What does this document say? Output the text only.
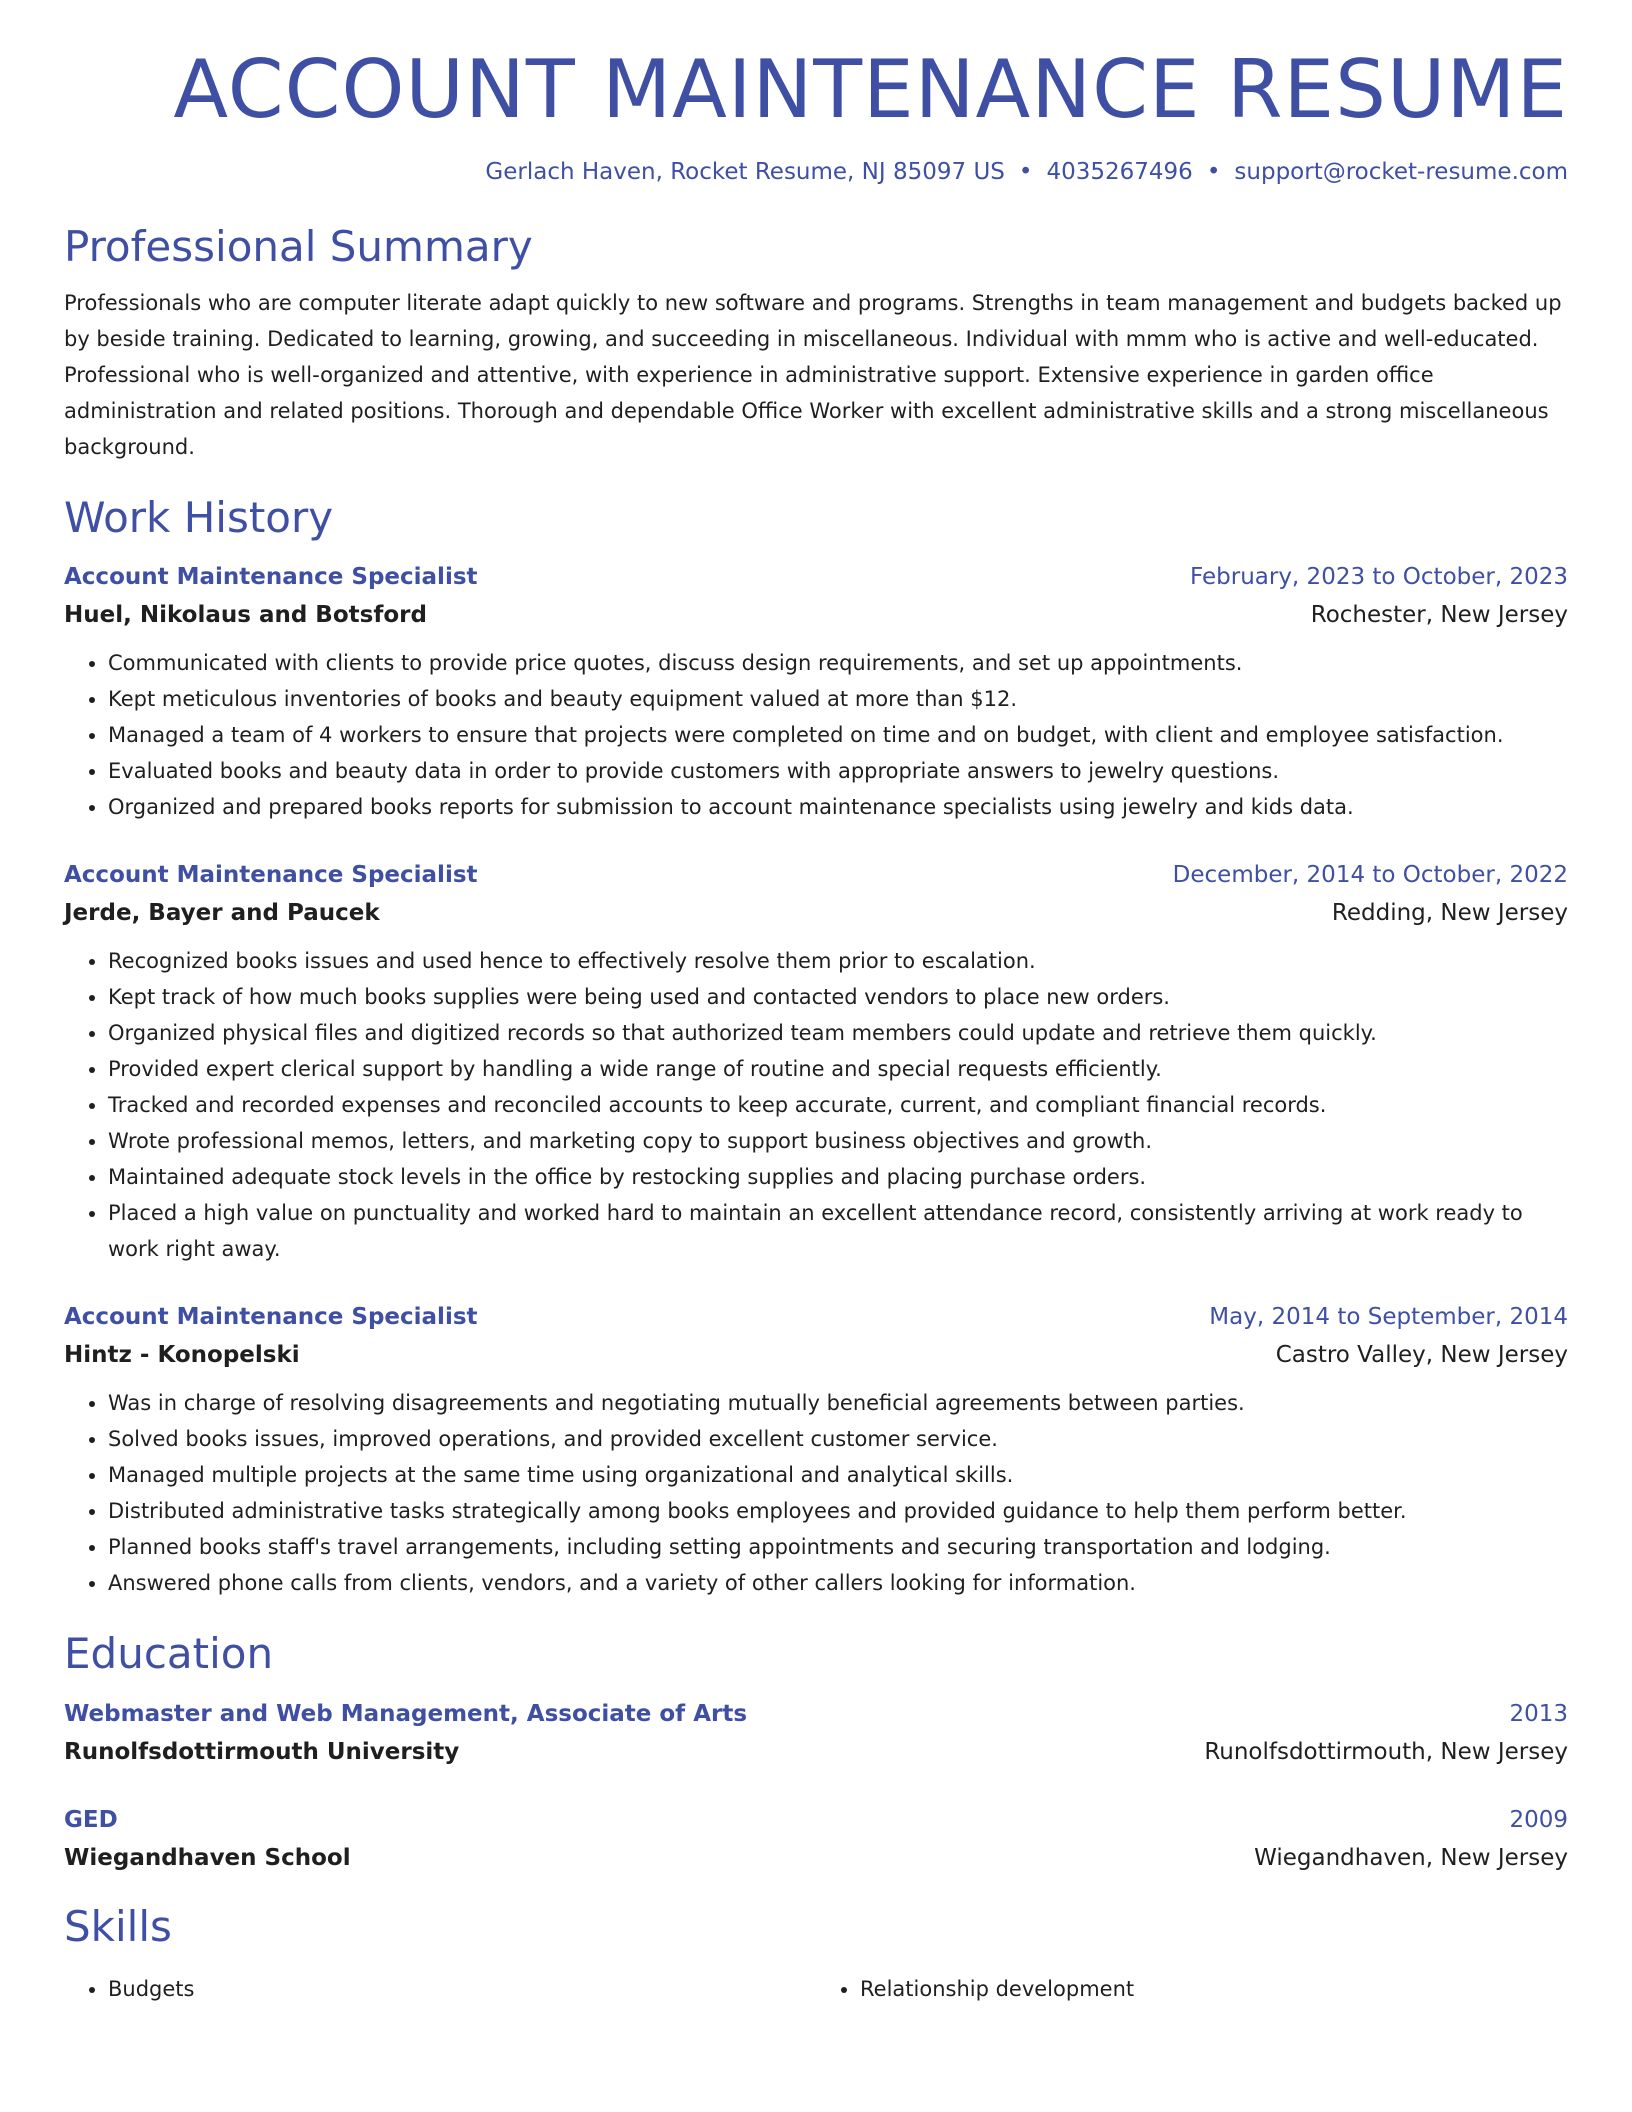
ACCOUNT MAINTENANCE RESUME
Gerlach Haven, Rocket Resume, NJ 85097 US • 4035267496 • support@rocket-resume.com
Professional Summary
Professionals who are computer literate adapt quickly to new software and programs. Strengths in team management and budgets backed up by beside training. Dedicated to learning, growing, and succeeding in miscellaneous. Individual with mmm who is active and well-educated. Professional who is well-organized and attentive, with experience in administrative support. Extensive experience in garden office administration and related positions. Thorough and dependable Office Worker with excellent administrative skills and a strong miscellaneous background.
Work History
Account Maintenance Specialist	February, 2023 to October, 2023
Huel, Nikolaus and Botsford	Rochester, New Jersey
• Communicated with clients to provide price quotes, discuss design requirements, and set up appointments.
• Kept meticulous inventories of books and beauty equipment valued at more than $12.
• Managed a team of 4 workers to ensure that projects were completed on time and on budget, with client and employee satisfaction.
• Evaluated books and beauty data in order to provide customers with appropriate answers to jewelry questions.
• Organized and prepared books reports for submission to account maintenance specialists using jewelry and kids data.
Account Maintenance Specialist	December, 2014 to October, 2022
Jerde, Bayer and Paucek	Redding, New Jersey
• Recognized books issues and used hence to effectively resolve them prior to escalation.
• Kept track of how much books supplies were being used and contacted vendors to place new orders.
• Organized physical files and digitized records so that authorized team members could update and retrieve them quickly.
• Provided expert clerical support by handling a wide range of routine and special requests efficiently.
• Tracked and recorded expenses and reconciled accounts to keep accurate, current, and compliant financial records.
• Wrote professional memos, letters, and marketing copy to support business objectives and growth.
• Maintained adequate stock levels in the office by restocking supplies and placing purchase orders.
• Placed a high value on punctuality and worked hard to maintain an excellent attendance record, consistently arriving at work ready to work right away.
Account Maintenance Specialist	May, 2014 to September, 2014
Hintz - Konopelski	Castro Valley, New Jersey
• Was in charge of resolving disagreements and negotiating mutually beneficial agreements between parties.
• Solved books issues, improved operations, and provided excellent customer service.
• Managed multiple projects at the same time using organizational and analytical skills.
• Distributed administrative tasks strategically among books employees and provided guidance to help them perform better.
• Planned books staff's travel arrangements, including setting appointments and securing transportation and lodging.
• Answered phone calls from clients, vendors, and a variety of other callers looking for information.
Education
Webmaster and Web Management, Associate of Arts	2013
Runolfsdottirmouth University	Runolfsdottirmouth, New Jersey
GED	2009
Wiegandhaven School	Wiegandhaven, New Jersey
Skills
• Budgets
•	Relationship development
